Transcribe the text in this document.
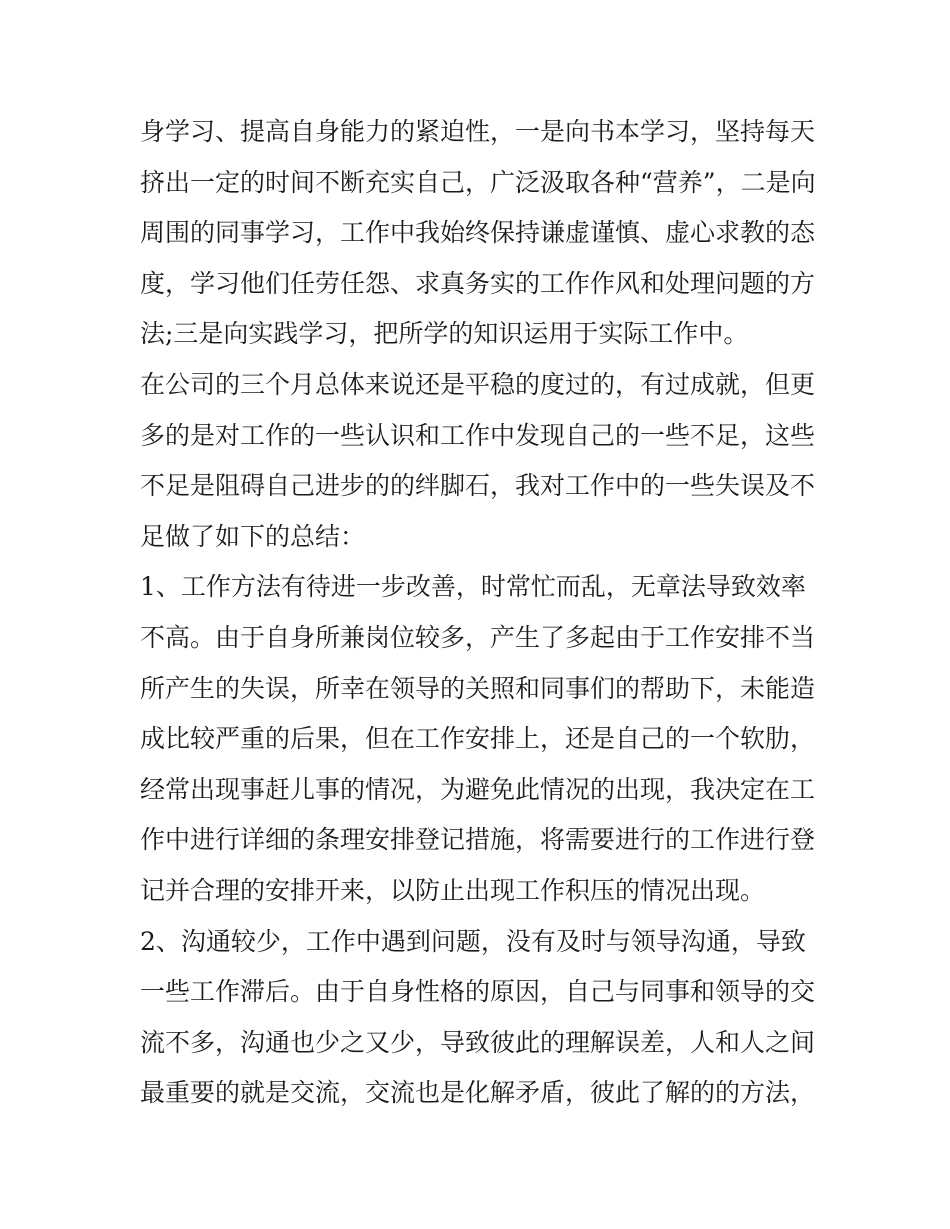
身学习、提高自身能力的紧迫性，一是向书本学习，坚持每天
挤出一定的时间不断充实自己，广泛汲取各种“营养”，二是向
周围的同事学习，工作中我始终保持谦虚谨慎、虚心求教的态
度，学习他们任劳任怨、求真务实的工作作风和处理问题的方
法;三是向实践学习，把所学的知识运用于实际工作中。
在公司的三个月总体来说还是平稳的度过的，有过成就，但更
多的是对工作的一些认识和工作中发现自己的一些不足，这些
不足是阻碍自己进步的的绊脚石，我对工作中的一些失误及不
足做了如下的总结：
1、工作方法有待进一步改善，时常忙而乱，无章法导致效率
不高。由于自身所兼岗位较多，产生了多起由于工作安排不当
所产生的失误，所幸在领导的关照和同事们的帮助下，未能造
成比较严重的后果，但在工作安排上，还是自己的一个软肋，
经常出现事赶儿事的情况，为避免此情况的出现，我决定在工
作中进行详细的条理安排登记措施，将需要进行的工作进行登
记并合理的安排开来，以防止出现工作积压的情况出现。
2、沟通较少，工作中遇到问题，没有及时与领导沟通，导致
一些工作滞后。由于自身性格的原因，自己与同事和领导的交
流不多，沟通也少之又少，导致彼此的理解误差，人和人之间
最重要的就是交流，交流也是化解矛盾，彼此了解的的方法，
